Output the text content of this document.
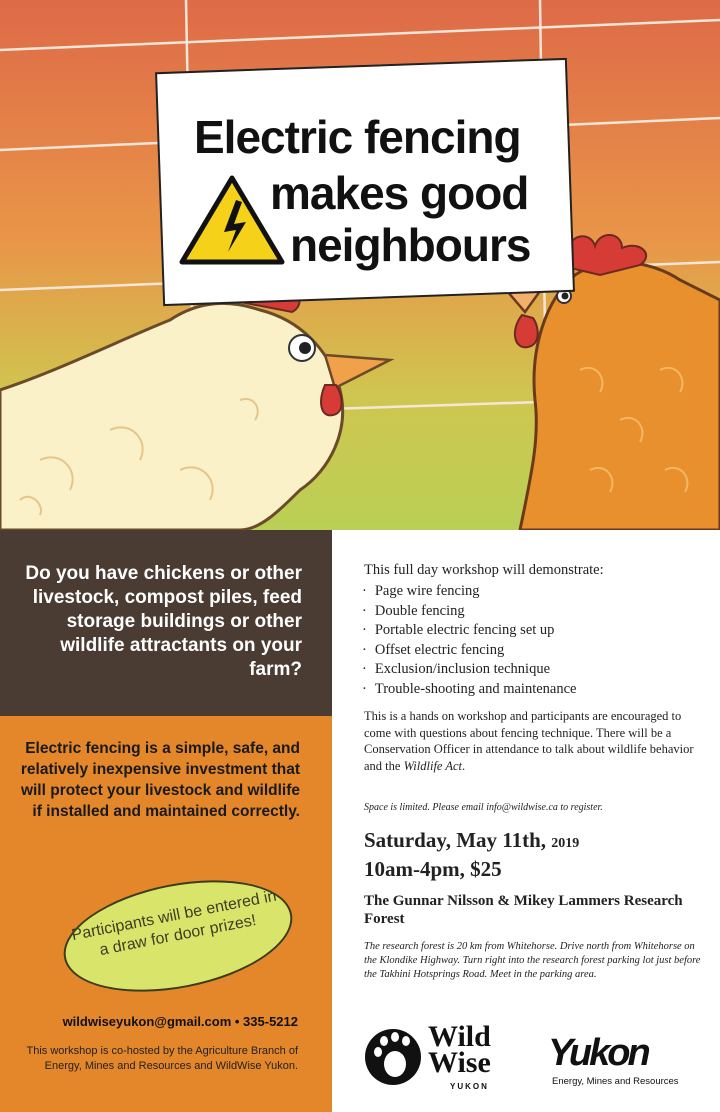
Electric fencing
makes good
neighbours
Do you have chickens or other livestock, compost piles, feed storage buildings or other wildlife attractants on your farm?
Electric fencing is a simple, safe, and relatively inexpensive investment that will protect your livestock and wildlife if installed and maintained correctly.
Participants will be entered in a draw for door prizes!
wildwiseyukon@gmail.com • 335-5212
This workshop is co-hosted by the Agriculture Branch of Energy, Mines and Resources and WildWise Yukon.
This full day workshop will demonstrate:
· Page wire fencing
· Double fencing
· Portable electric fencing set up
· Offset electric fencing
· Exclusion/inclusion technique
· Trouble-shooting and maintenance
This is a hands on workshop and participants are encouraged to come with questions about fencing technique. There will be a Conservation Officer in attendance to talk about wildlife behavior and the Wildlife Act.
Space is limited. Please email info@wildwise.ca to register.
Saturday, May 11th, 2019
10am-4pm, $25
The Gunnar Nilsson & Mikey Lammers Research Forest
The research forest is 20 km from Whitehorse. Drive north from Whitehorse on the Klondike Highway. Turn right into the research forest parking lot just before the Takhini Hotsprings Road. Meet in the parking area.
Wild Wise
YUKON
Yukon
Energy, Mines and Resources
